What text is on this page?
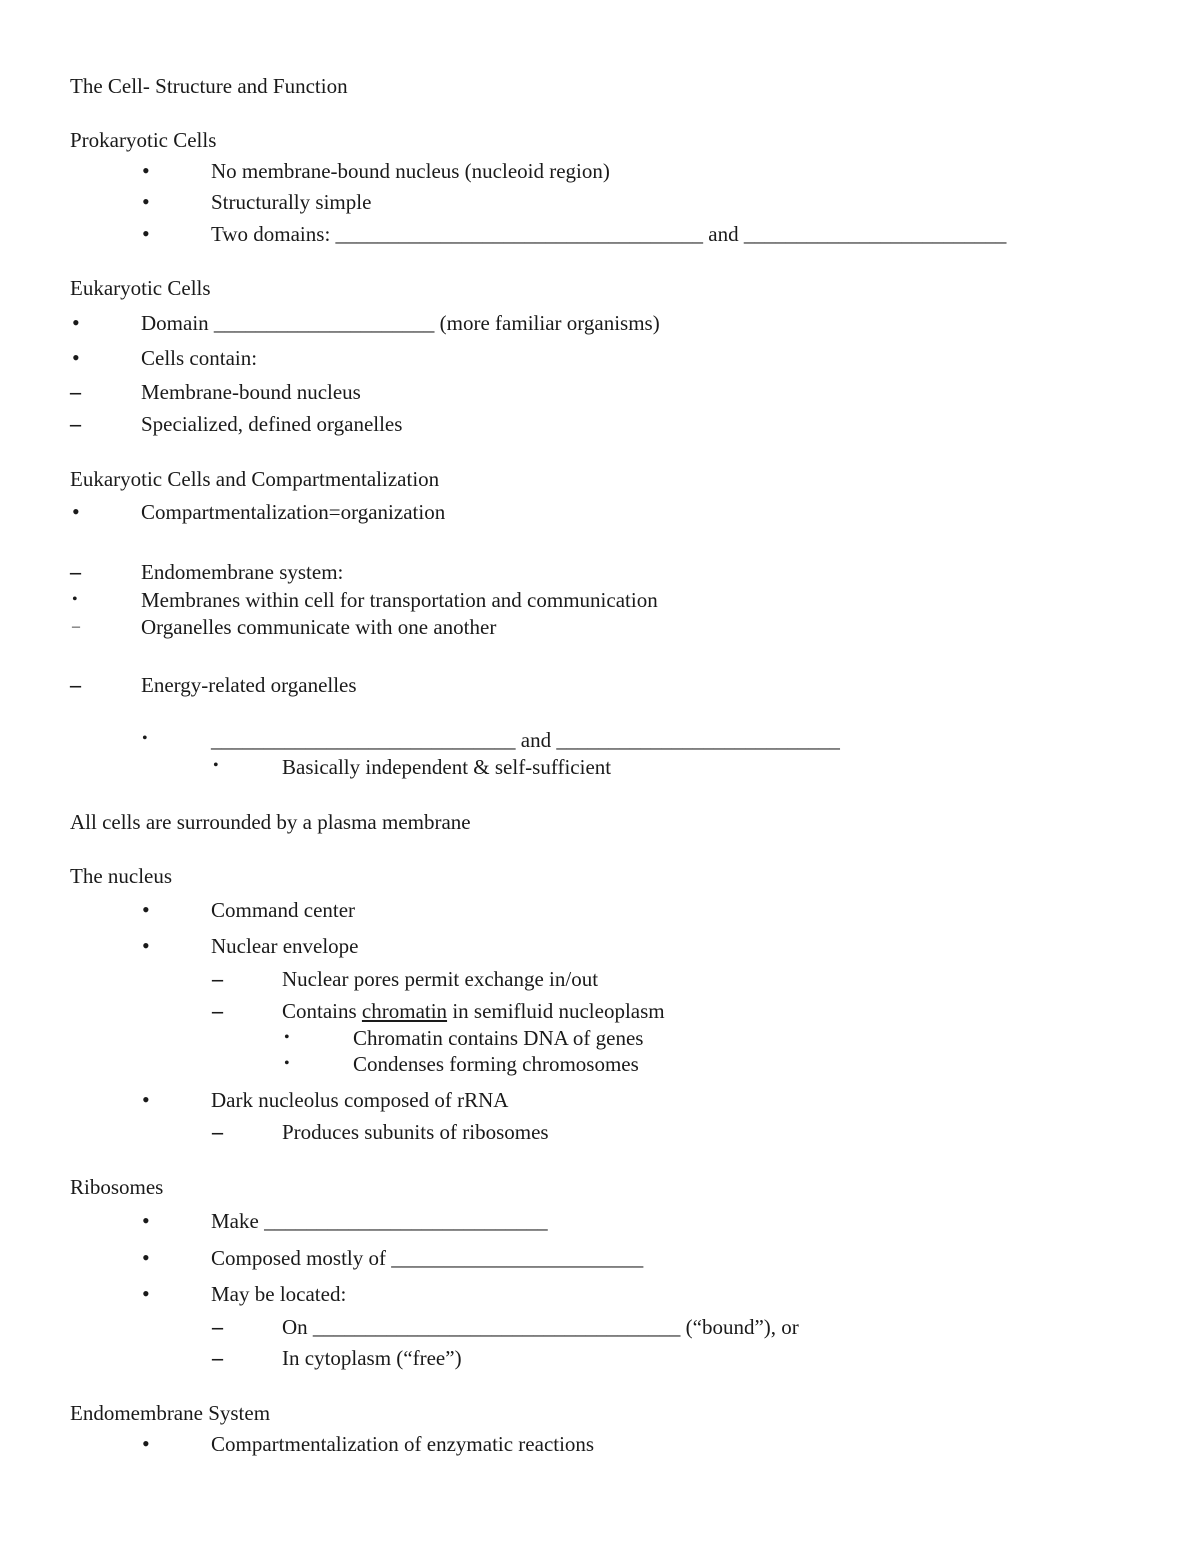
The Cell- Structure and Function
Prokaryotic Cells
•	No membrane-bound nucleus (nucleoid region)
•	Structurally simple
•	Two domains: ___________________________________ and _________________________
Eukaryotic Cells
•	Domain _____________________ (more familiar organisms)
•	Cells contain:
–	Membrane-bound nucleus
–	Specialized, defined organelles
Eukaryotic Cells and Compartmentalization
•	Compartmentalization=organization
–	Endomembrane system:
•	Membranes within cell for transportation and communication
–	Organelles communicate with one another
–	Energy-related organelles
•	_____________________________ and ___________________________
•	Basically independent & self-sufficient
All cells are surrounded by a plasma membrane
The nucleus
•	Command center
•	Nuclear envelope
–	Nuclear pores permit exchange in/out
–	Contains chromatin in semifluid nucleoplasm
•	Chromatin contains DNA of genes
•	Condenses forming chromosomes
•	Dark nucleolus composed of rRNA
–	Produces subunits of ribosomes
Ribosomes
•	Make ___________________________
•	Composed mostly of ________________________
•	May be located:
–	On ___________________________________ (“bound”), or
–	In cytoplasm (“free”)
Endomembrane System
•	Compartmentalization of enzymatic reactions
